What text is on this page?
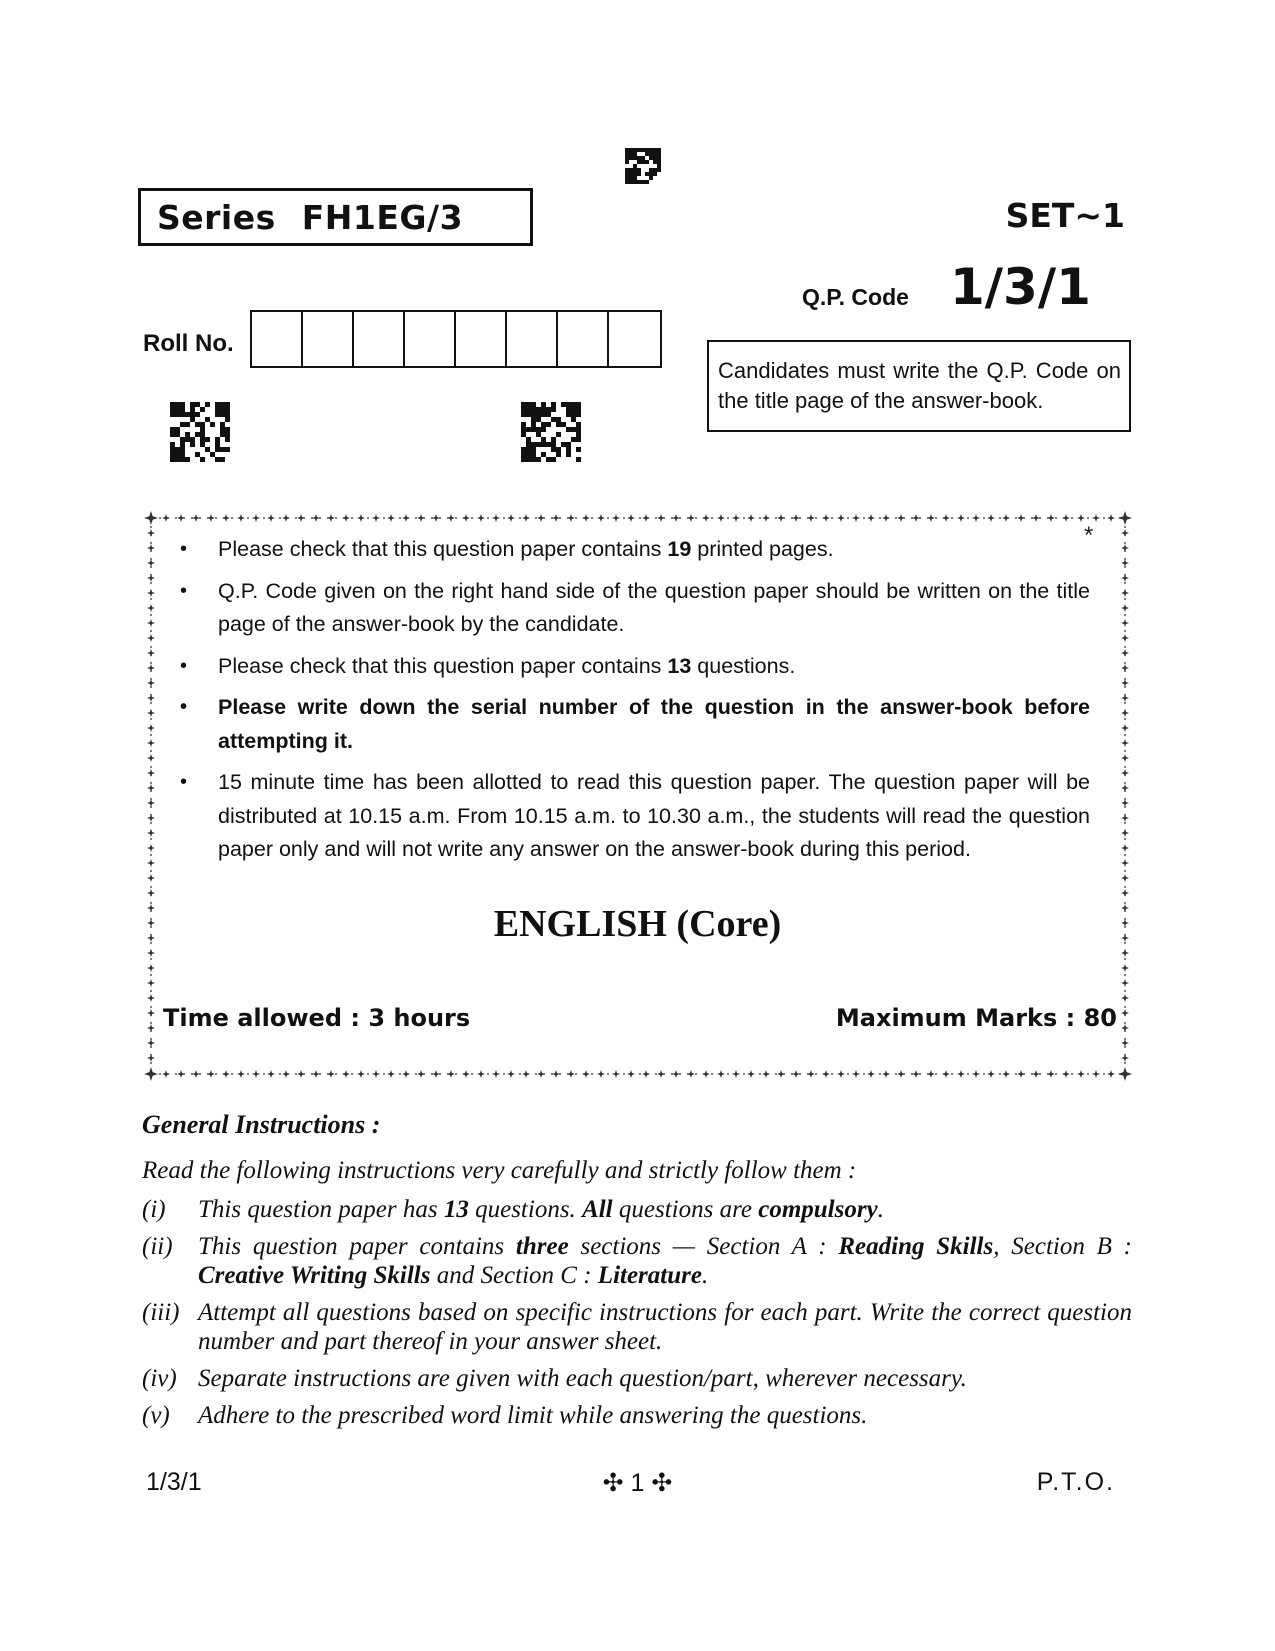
Series FH1EG/3	SET~1
Q.P. Code 1/3/1
Roll No.
Candidates must write the Q.P. Code on the title page of the answer-book.
*
• Please check that this question paper contains 19 printed pages.
• Q.P. Code given on the right hand side of the question paper should be written on the title page of the answer-book by the candidate.
• Please check that this question paper contains 13 questions.
• Please write down the serial number of the question in the answer-book before attempting it.
• 15 minute time has been allotted to read this question paper. The question paper will be distributed at 10.15 a.m. From 10.15 a.m. to 10.30 a.m., the students will read the question paper only and will not write any answer on the answer-book during this period.
ENGLISH (Core)
Time allowed : 3 hours	Maximum Marks : 80
General Instructions :
Read the following instructions very carefully and strictly follow them :
(i)	This question paper has 13 questions. All questions are compulsory.
(ii)	This question paper contains three sections — Section A : Reading Skills, Section B : Creative Writing Skills and Section C : Literature.
(iii) Attempt all questions based on specific instructions for each part. Write the correct question number and part thereof in your answer sheet.
(iv) Separate instructions are given with each question/part, wherever necessary.
(v)	Adhere to the prescribed word limit while answering the questions.
1/3/1	✣ 1 ✣	P.T.O.
